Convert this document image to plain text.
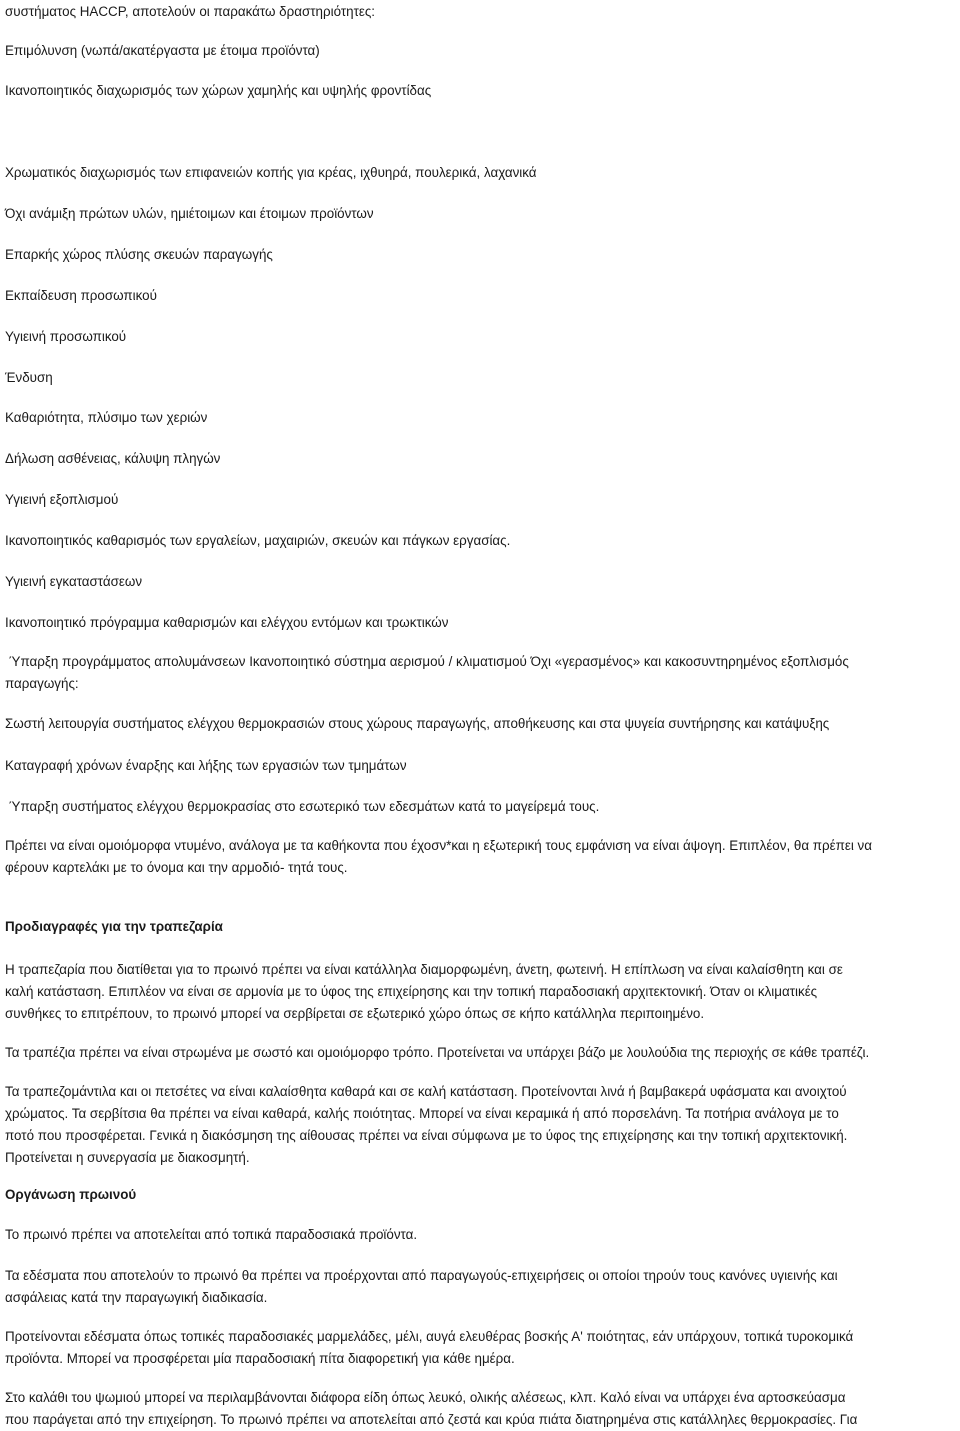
συστήματος HACCP, αποτελούν οι παρακάτω δραστηριότητες:
Επιμόλυνση (νωπά/ακατέργαστα με έτοιμα προϊόντα)
Ικανοποιητικός διαχωρισμός των χώρων χαμηλής και υψηλής φροντίδας
Χρωματικός διαχωρισμός των επιφανειών κοπής για κρέας, ιχθυηρά, πουλερικά, λαχανικά
Όχι ανάμιξη πρώτων υλών, ημιέτοιμων και έτοιμων προϊόντων
Επαρκής χώρος πλύσης σκευών παραγωγής
Εκπαίδευση προσωπικού
Υγιεινή προσωπικού
Ένδυση
Καθαριότητα, πλύσιμο των χεριών
Δήλωση ασθένειας, κάλυψη πληγών
Υγιεινή εξοπλισμού
Ικανοποιητικός καθαρισμός των εργαλείων, μαχαιριών, σκευών και πάγκων εργασίας.
Υγιεινή εγκαταστάσεων
Ικανοποιητικό πρόγραμμα καθαρισμών και ελέγχου εντόμων και τρωκτικών
Ύπαρξη προγράμματος απολυμάνσεων Ικανοποιητικό σύστημα αερισμού / κλιματισμού Όχι «γερασμένος» και κακοσυντηρημένος εξοπλισμός
παραγωγής:
Σωστή λειτουργία συστήματος ελέγχου θερμοκρασιών στους χώρους παραγωγής, αποθήκευσης και στα ψυγεία συντήρησης και κατάψυξης
Καταγραφή χρόνων έναρξης και λήξης των εργασιών των τμημάτων
Ύπαρξη συστήματος ελέγχου θερμοκρασίας στο εσωτερικό των εδεσμάτων κατά το μαγείρεμά τους.
Πρέπει να είναι ομοιόμορφα ντυμένο, ανάλογα με τα καθήκοντα που έχοσν*και η εξωτερική τους εμφάνιση να είναι άψογη. Επιπλέον, θα πρέπει να
φέρουν καρτελάκι με το όνομα και την αρμοδιό- τητά τους.
Προδιαγραφές για την τραπεζαρία
Η τραπεζαρία που διατίθεται για το πρωινό πρέπει να είναι κατάλληλα διαμορφωμένη, άνετη, φωτεινή. Η επίπλωση να είναι καλαίσθητη και σε
καλή κατάσταση. Επιπλέον να είναι σε αρμονία με το ύφος της επιχείρησης και την τοπική παραδοσιακή αρχιτεκτονική. Όταν οι κλιματικές
συνθήκες το επιτρέπουν, το πρωινό μπορεί να σερβίρεται σε εξωτερικό χώρο όπως σε κήπο κατάλληλα περιποιημένο.
Τα τραπέζια πρέπει να είναι στρωμένα με σωστό και ομοιόμορφο τρόπο. Προτείνεται να υπάρχει βάζο με λουλούδια της περιοχής σε κάθε τραπέζι.
Τα τραπεζομάντιλα και οι πετσέτες να είναι καλαίσθητα καθαρά και σε καλή κατάσταση. Προτείνονται λινά ή βαμβακερά υφάσματα και ανοιχτού
χρώματος. Τα σερβίτσια θα πρέπει να είναι καθαρά, καλής ποιότητας. Μπορεί να είναι κεραμικά ή από πορσελάνη. Τα ποτήρια ανάλογα με το
ποτό που προσφέρεται. Γενικά η διακόσμηση της αίθουσας πρέπει να είναι σύμφωνα με το ύφος της επιχείρησης και την τοπική αρχιτεκτονική.
Προτείνεται η συνεργασία με διακοσμητή.
Οργάνωση πρωινού
Το πρωινό πρέπει να αποτελείται από τοπικά παραδοσιακά προϊόντα.
Τα εδέσματα που αποτελούν το πρωινό θα πρέπει να προέρχονται από παραγωγούς-επιχειρήσεις οι οποίοι τηρούν τους κανόνες υγιεινής και
ασφάλειας κατά την παραγωγική διαδικασία.
Προτείνονται εδέσματα όπως τοπικές παραδοσιακές μαρμελάδες, μέλι, αυγά ελευθέρας βοσκής Α' ποιότητας, εάν υπάρχουν, τοπικά τυροκομικά
προϊόντα. Μπορεί να προσφέρεται μία παραδοσιακή πίτα διαφορετική για κάθε ημέρα.
Στο καλάθι του ψωμιού μπορεί να περιλαμβάνονται διάφορα είδη όπως λευκό, ολικής αλέσεως, κλπ. Καλό είναι να υπάρχει ένα αρτοσκεύασμα
που παράγεται από την επιχείρηση. Το πρωινό πρέπει να αποτελείται από ζεστά και κρύα πιάτα διατηρημένα στις κατάλληλες θερμοκρασίες. Για
